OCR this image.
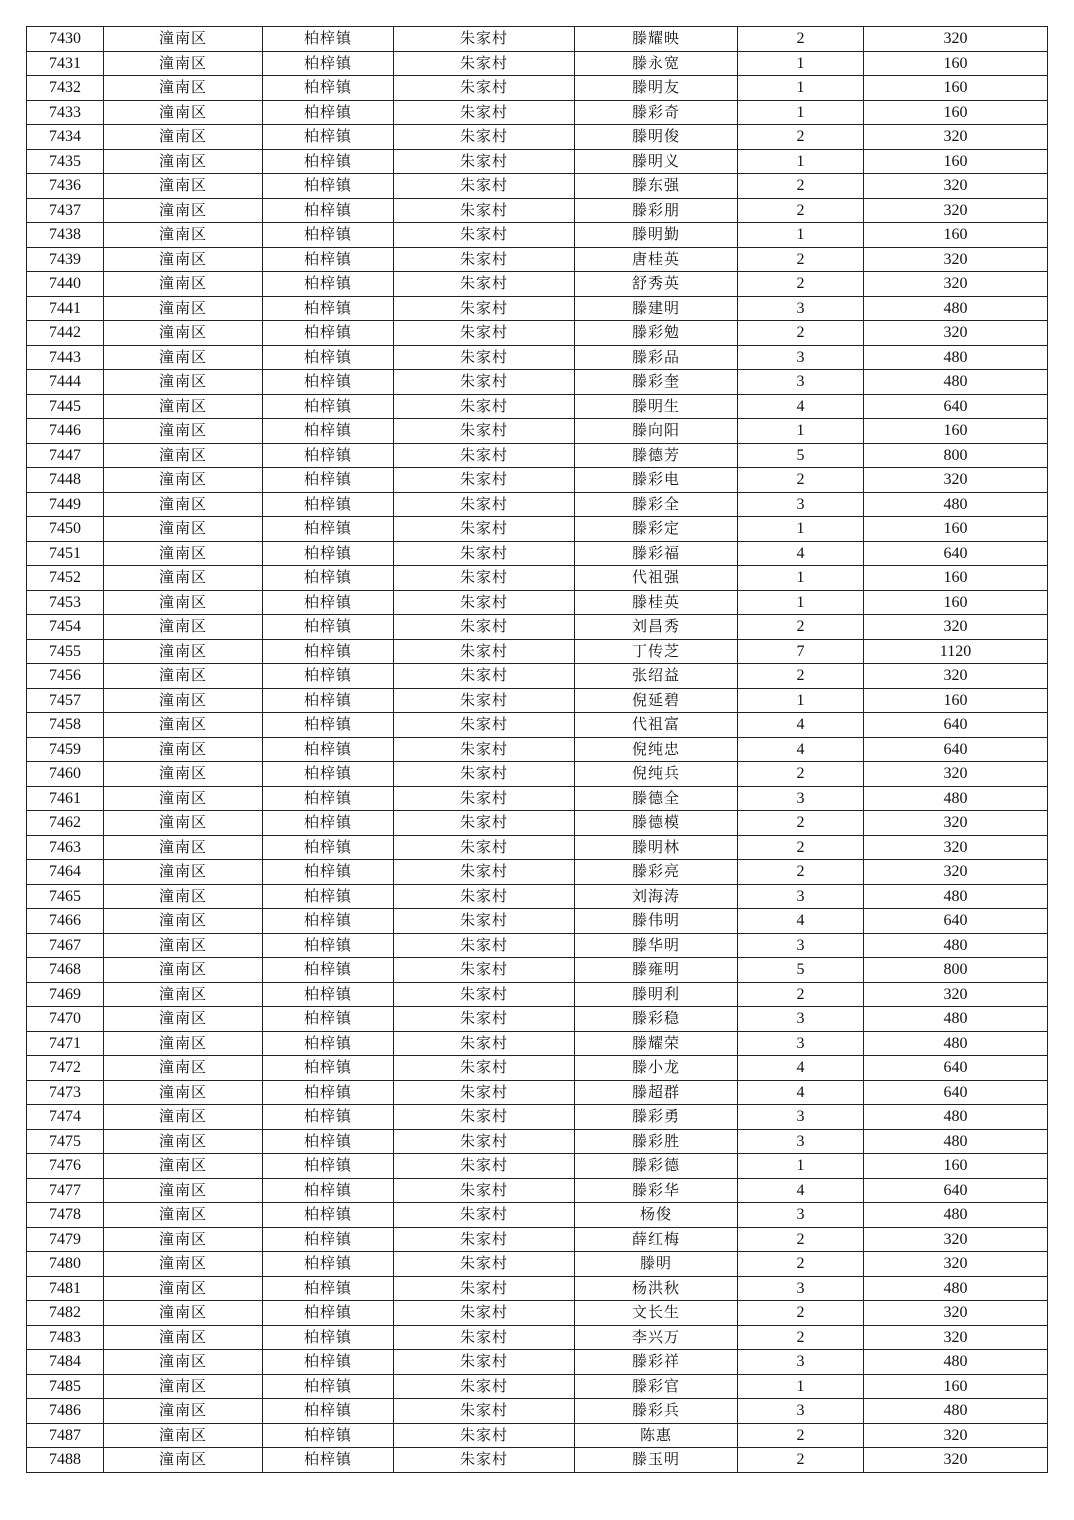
7430	潼南区	柏梓镇	朱家村	滕耀映	2	320
7431	潼南区	柏梓镇	朱家村	滕永宽	1	160
7432	潼南区	柏梓镇	朱家村	滕明友	1	160
7433	潼南区	柏梓镇	朱家村	滕彩奇	1	160
7434	潼南区	柏梓镇	朱家村	滕明俊	2	320
7435	潼南区	柏梓镇	朱家村	滕明义	1	160
7436	潼南区	柏梓镇	朱家村	滕东强	2	320
7437	潼南区	柏梓镇	朱家村	滕彩朋	2	320
7438	潼南区	柏梓镇	朱家村	滕明勤	1	160
7439	潼南区	柏梓镇	朱家村	唐桂英	2	320
7440	潼南区	柏梓镇	朱家村	舒秀英	2	320
7441	潼南区	柏梓镇	朱家村	滕建明	3	480
7442	潼南区	柏梓镇	朱家村	滕彩勉	2	320
7443	潼南区	柏梓镇	朱家村	滕彩品	3	480
7444	潼南区	柏梓镇	朱家村	滕彩奎	3	480
7445	潼南区	柏梓镇	朱家村	滕明生	4	640
7446	潼南区	柏梓镇	朱家村	滕向阳	1	160
7447	潼南区	柏梓镇	朱家村	滕德芳	5	800
7448	潼南区	柏梓镇	朱家村	滕彩电	2	320
7449	潼南区	柏梓镇	朱家村	滕彩全	3	480
7450	潼南区	柏梓镇	朱家村	滕彩定	1	160
7451	潼南区	柏梓镇	朱家村	滕彩福	4	640
7452	潼南区	柏梓镇	朱家村	代祖强	1	160
7453	潼南区	柏梓镇	朱家村	滕桂英	1	160
7454	潼南区	柏梓镇	朱家村	刘昌秀	2	320
7455	潼南区	柏梓镇	朱家村	丁传芝	7	1120
7456	潼南区	柏梓镇	朱家村	张绍益	2	320
7457	潼南区	柏梓镇	朱家村	倪延碧	1	160
7458	潼南区	柏梓镇	朱家村	代祖富	4	640
7459	潼南区	柏梓镇	朱家村	倪纯忠	4	640
7460	潼南区	柏梓镇	朱家村	倪纯兵	2	320
7461	潼南区	柏梓镇	朱家村	滕德全	3	480
7462	潼南区	柏梓镇	朱家村	滕德模	2	320
7463	潼南区	柏梓镇	朱家村	滕明林	2	320
7464	潼南区	柏梓镇	朱家村	滕彩亮	2	320
7465	潼南区	柏梓镇	朱家村	刘海涛	3	480
7466	潼南区	柏梓镇	朱家村	滕伟明	4	640
7467	潼南区	柏梓镇	朱家村	滕华明	3	480
7468	潼南区	柏梓镇	朱家村	滕雍明	5	800
7469	潼南区	柏梓镇	朱家村	滕明利	2	320
7470	潼南区	柏梓镇	朱家村	滕彩稳	3	480
7471	潼南区	柏梓镇	朱家村	滕耀荣	3	480
7472	潼南区	柏梓镇	朱家村	滕小龙	4	640
7473	潼南区	柏梓镇	朱家村	滕超群	4	640
7474	潼南区	柏梓镇	朱家村	滕彩勇	3	480
7475	潼南区	柏梓镇	朱家村	滕彩胜	3	480
7476	潼南区	柏梓镇	朱家村	滕彩德	1	160
7477	潼南区	柏梓镇	朱家村	滕彩华	4	640
7478	潼南区	柏梓镇	朱家村	杨俊	3	480
7479	潼南区	柏梓镇	朱家村	薛红梅	2	320
7480	潼南区	柏梓镇	朱家村	滕明	2	320
7481	潼南区	柏梓镇	朱家村	杨洪秋	3	480
7482	潼南区	柏梓镇	朱家村	文长生	2	320
7483	潼南区	柏梓镇	朱家村	李兴万	2	320
7484	潼南区	柏梓镇	朱家村	滕彩祥	3	480
7485	潼南区	柏梓镇	朱家村	滕彩官	1	160
7486	潼南区	柏梓镇	朱家村	滕彩兵	3	480
7487	潼南区	柏梓镇	朱家村	陈惠	2	320
7488	潼南区	柏梓镇	朱家村	滕玉明	2	320
